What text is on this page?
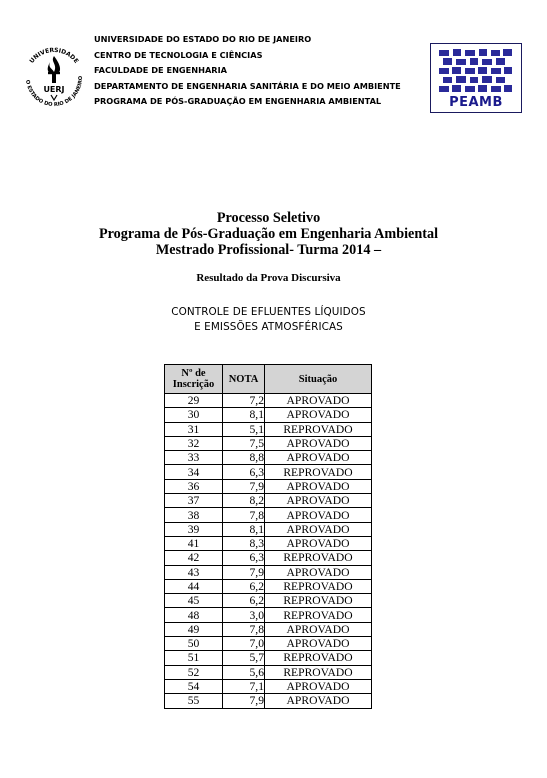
UNIVERSIDADE
O ESTADO DO RIO DE JANEIRO
UERJ
UNIVERSIDADE DO ESTADO DO RIO DE JANEIRO
CENTRO DE TECNOLOGIA E CIÊNCIAS
FACULDADE DE ENGENHARIA
DEPARTAMENTO DE ENGENHARIA SANITÁRIA E DO MEIO AMBIENTE
PROGRAMA DE PÓS-GRADUAÇÃO EM ENGENHARIA AMBIENTAL	PEAMB
Processo Seletivo
Programa de Pós-Graduação em Engenharia Ambiental
Mestrado Profissional- Turma 2014 –
Resultado da Prova Discursiva
CONTROLE DE EFLUENTES LÍQUIDOS
E EMISSÕES ATMOSFÉRICAS
Nº de
Inscrição	NOTA	Situação
29	7,2	APROVADO
30	8,1	APROVADO
31	5,1	REPROVADO
32	7,5	APROVADO
33	8,8	APROVADO
34	6,3	REPROVADO
36	7,9	APROVADO
37	8,2	APROVADO
38	7,8	APROVADO
39	8,1	APROVADO
41	8,3	APROVADO
42	6,3	REPROVADO
43	7,9	APROVADO
44	6,2	REPROVADO
45	6,2	REPROVADO
48	3,0	REPROVADO
49	7,8	APROVADO
50	7,0	APROVADO
51	5,7	REPROVADO
52	5,6	REPROVADO
54	7,1	APROVADO
55	7,9	APROVADO
